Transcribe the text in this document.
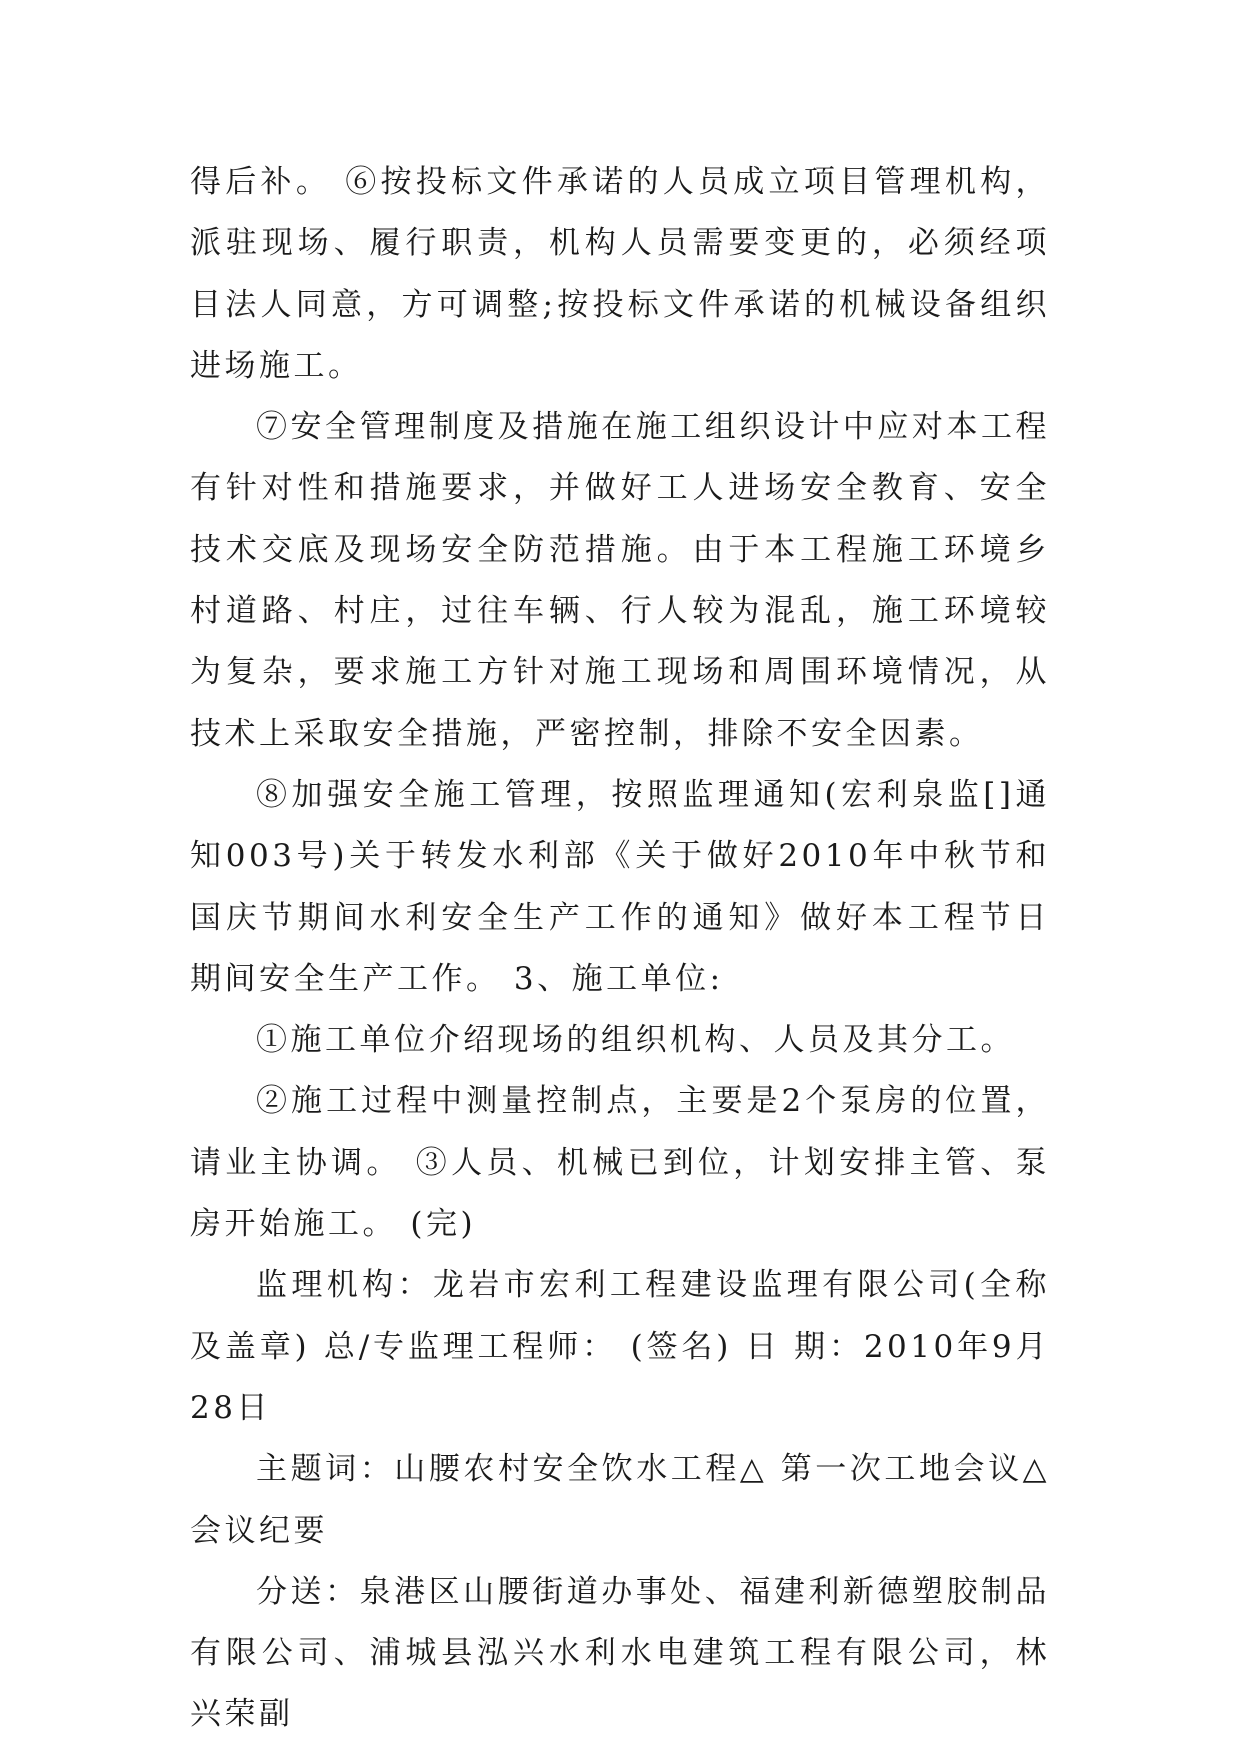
得后补。 ⑥按投标文件承诺的人员成立项目管理机构，派驻现场、履行职责，机构人员需要变更的，必须经项目法人同意，方可调整;按投标文件承诺的机械设备组织进场施工。

⑦安全管理制度及措施在施工组织设计中应对本工程有针对性和措施要求，并做好工人进场安全教育、安全技术交底及现场安全防范措施。由于本工程施工环境乡村道路、村庄，过往车辆、行人较为混乱，施工环境较为复杂，要求施工方针对施工现场和周围环境情况，从技术上采取安全措施，严密控制，排除不安全因素。

⑧加强安全施工管理，按照监理通知(宏利泉监[]通知003号)关于转发水利部《关于做好2010年中秋节和国庆节期间水利安全生产工作的通知》做好本工程节日期间安全生产工作。 3、施工单位:

①施工单位介绍现场的组织机构、人员及其分工。

②施工过程中测量控制点，主要是2个泵房的位置，请业主协调。 ③人员、机械已到位，计划安排主管、泵房开始施工。 (完)

监理机构：龙岩市宏利工程建设监理有限公司(全称及盖章) 总/专监理工程师： (签名) 日 期：2010年9月28日

主题词：山腰农村安全饮水工程△ 第一次工地会议△会议纪要

分送：泉港区山腰街道办事处、福建利新德塑胶制品有限公司、浦城县泓兴水利水电建筑工程有限公司，林兴荣副
